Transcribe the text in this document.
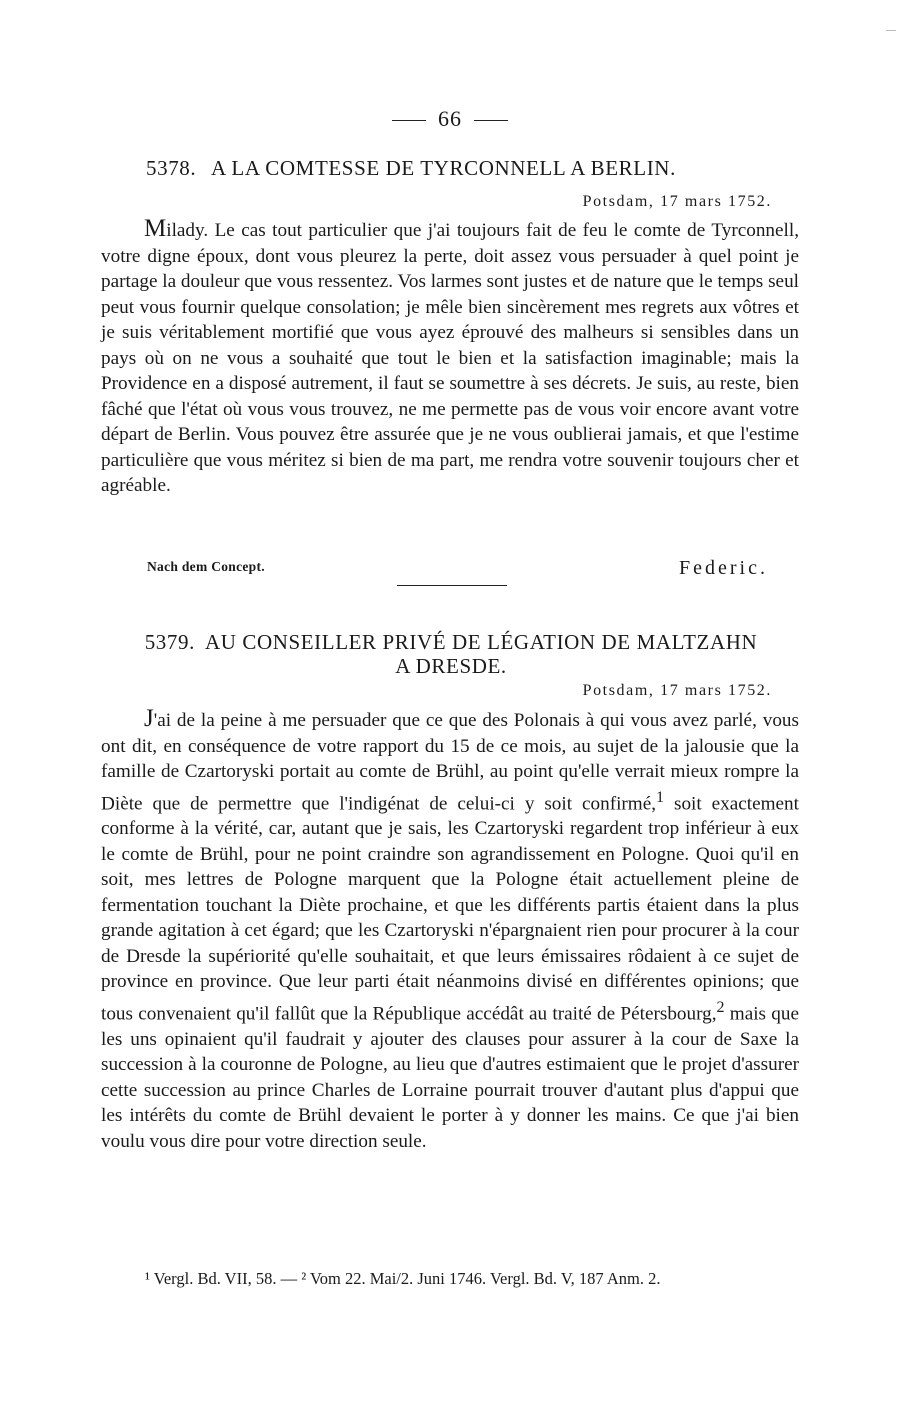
66
5378. A LA COMTESSE DE TYRCONNELL A BERLIN.
Potsdam, 17 mars 1752.

Milady. Le cas tout particulier que j'ai toujours fait de feu le comte de Tyrconnell, votre digne époux, dont vous pleurez la perte, doit assez vous persuader à quel point je partage la douleur que vous ressentez. Vos larmes sont justes et de nature que le temps seul peut vous fournir quelque consolation; je mêle bien sincèrement mes regrets aux vôtres et je suis véritablement mortifié que vous ayez éprouvé des malheurs si sensibles dans un pays où on ne vous a souhaité que tout le bien et la satisfaction imaginable; mais la Providence en a disposé autrement, il faut se soumettre à ses décrets. Je suis, au reste, bien fâché que l'état où vous vous trouvez, ne me permette pas de vous voir encore avant votre départ de Berlin. Vous pouvez être assurée que je ne vous oublierai jamais, et que l'estime particulière que vous méritez si bien de ma part, me rendra votre souvenir toujours cher et agréable.

Nach dem Concept.	Federic.
5379. AU CONSEILLER PRIVÉ DE LÉGATION DE MALTZAHN
A DRESDE.
Potsdam, 17 mars 1752.

J'ai de la peine à me persuader que ce que des Polonais à qui vous avez parlé, vous ont dit, en conséquence de votre rapport du 15 de ce mois, au sujet de la jalousie que la famille de Czartoryski portait au comte de Brühl, au point qu'elle verrait mieux rompre la Diète que de permettre que l'indigénat de celui-ci y soit confirmé,$^1$ soit exactement conforme à la vérité, car, autant que je sais, les Czartoryski regardent trop inférieur à eux le comte de Brühl, pour ne point craindre son agrandissement en Pologne. Quoi qu'il en soit, mes lettres de Pologne marquent que la Pologne était actuellement pleine de fermentation touchant la Diète prochaine, et que les différents partis étaient dans la plus grande agitation à cet égard; que les Czartoryski n'épargnaient rien pour procurer à la cour de Dresde la supériorité qu'elle souhaitait, et que leurs émissaires rôdaient à ce sujet de province en province. Que leur parti était néanmoins divisé en différentes opinions; que tous convenaient qu'il fallût que la République accédât au traité de Pétersbourg,$^2$ mais que les uns opinaient qu'il faudrait y ajouter des clauses pour assurer à la cour de Saxe la succession à la couronne de Pologne, au lieu que d'autres estimaient que le projet d'assurer cette succession au prince Charles de Lorraine pourrait trouver d'autant plus d'appui que les intérêts du comte de Brühl devaient le porter à y donner les mains. Ce que j'ai bien voulu vous dire pour votre direction seule.

¹ Vergl. Bd. VII, 58. — ² Vom 22. Mai/2. Juni 1746. Vergl. Bd. V, 187 Anm. 2.
